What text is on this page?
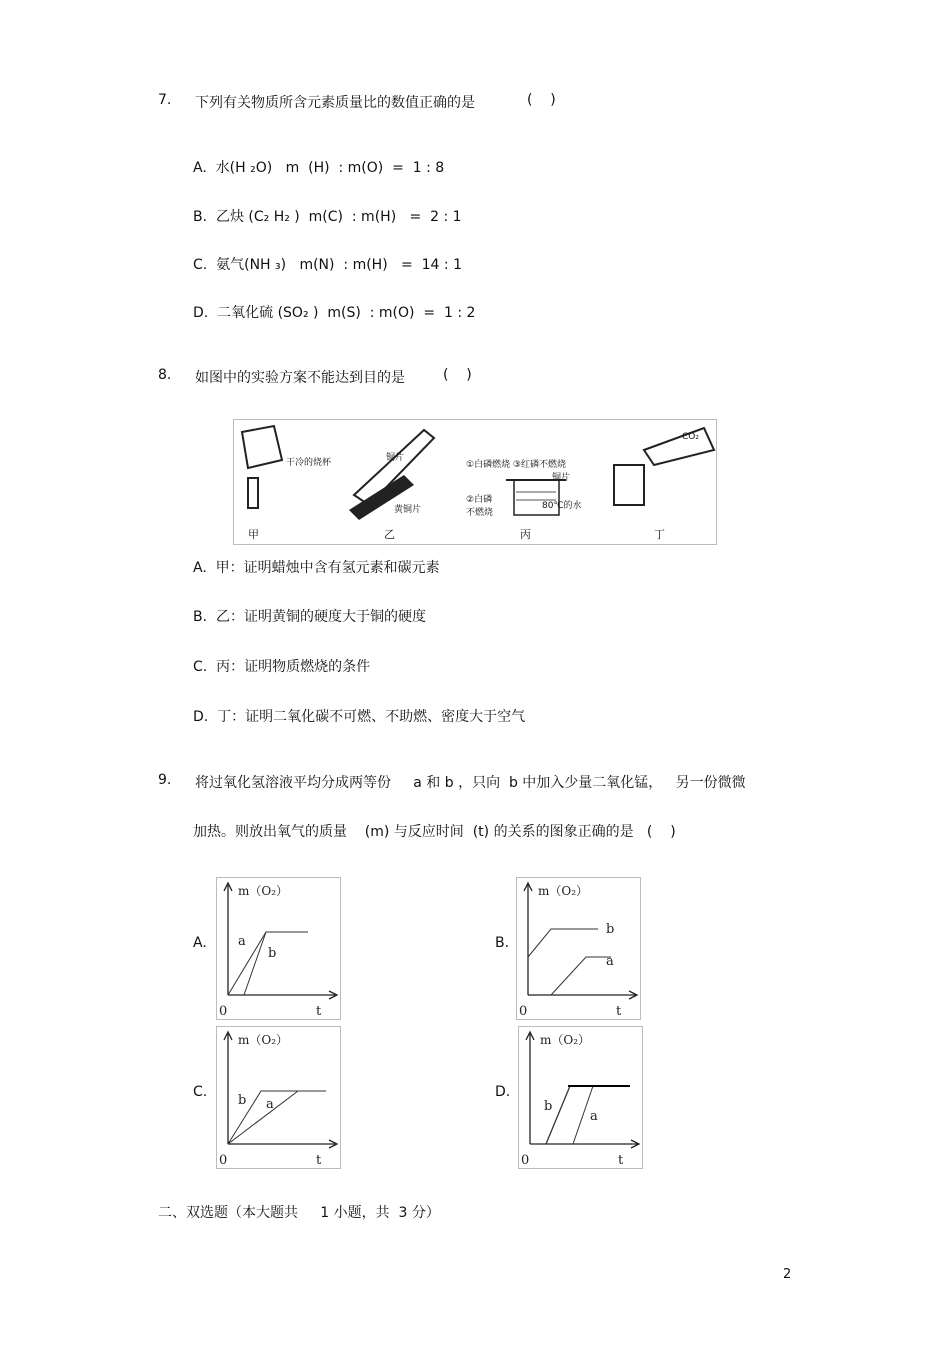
7. 下列有关物质所含元素质量比的数值正确的是	(    )
A.  水(H ₂O)   m  (H)  : m(O)  =  1 : 8
B.  乙炔 (C₂ H₂ )  m(C)  : m(H)   =  2 : 1
C.  氨气(NH ₃)   m(N)  : m(H)   =  14 : 1
D.  二氧化硫 (SO₂ )  m(S)  : m(O)  =  1 : 2
8. 如图中的实验方案不能达到目的是	(    )
干冷的烧杯	铜片
黄铜片
①白磷燃烧 ③红磷不燃烧
铜片
②白磷
不燃烧
80℃的水
CO₂
甲	乙	丙	丁
A.  甲：证明蜡烛中含有氢元素和碳元素
B.  乙：证明黄铜的硬度大于铜的硬度
C.  丙：证明物质燃烧的条件
D.  丁：证明二氧化碳不可燃、不助燃、密度大于空气
9. 将过氧化氢溶液平均分成两等份     a 和 b ，只向  b 中加入少量二氧化锰，   另一份微微
加热。则放出氧气的质量    (m) 与反应时间  (t) 的关系的图象正确的是   (    )
A.
m（O₂）
t
0
a
b
B.
m（O₂）
t
0
b
a
C.
m（O₂）
t
0
b a
D.
m（O₂）
t
0
b
a
二、双选题（本大题共     1 小题，共  3 分）
2
